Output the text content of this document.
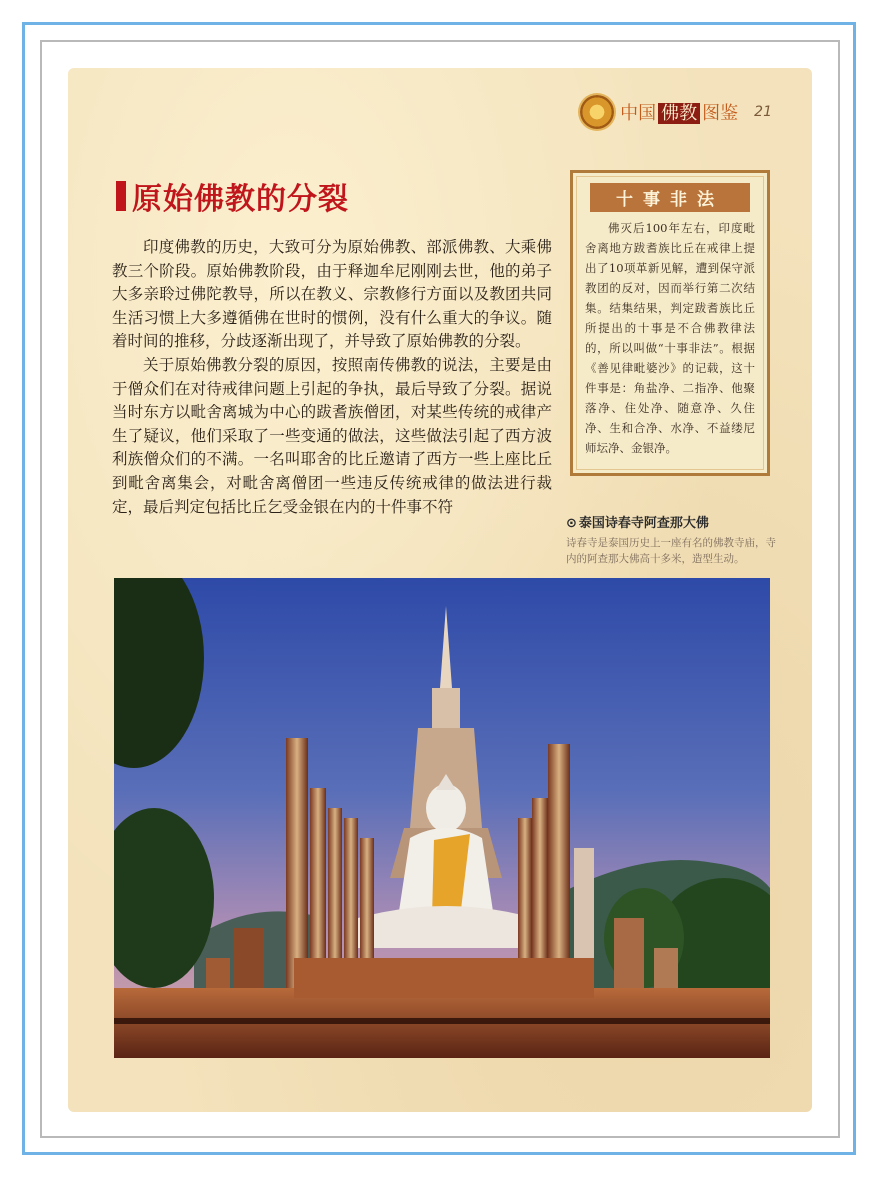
中国 佛教 图鉴 21
原始佛教的分裂

印度佛教的历史，大致可分为原始佛教、部派佛教、大乘佛教三个阶段。原始佛教阶段，由于释迦牟尼刚刚去世，他的弟子大多亲聆过佛陀教导，所以在教义、宗教修行方面以及教团共同生活习惯上大多遵循佛在世时的惯例，没有什么重大的争议。随着时间的推移，分歧逐渐出现了，并导致了原始佛教的分裂。

关于原始佛教分裂的原因，按照南传佛教的说法，主要是由于僧众们在对待戒律问题上引起的争执，最后导致了分裂。据说当时东方以毗舍离城为中心的跋耆族僧团，对某些传统的戒律产生了疑议，他们采取了一些变通的做法，这些做法引起了西方波利族僧众们的不满。一名叫耶舍的比丘邀请了西方一些上座比丘到毗舍离集会，对毗舍离僧团一些违反传统戒律的做法进行裁定，最后判定包括比丘乞受金银在内的十件事不符

十事非法
佛灭后100年左右，印度毗舍离地方跋耆族比丘在戒律上提出了10项革新见解，遭到保守派教团的反对，因而举行第二次结集。结集结果，判定跋耆族比丘所提出的十事是不合佛教律法的，所以叫做“十事非法”。根据《善见律毗婆沙》的记载，这十件事是：角盐净、二指净、他聚落净、住处净、随意净、久住净、生和合净、水净、不益缕尼师坛净、金银净。
⊙ 泰国诗春寺阿查那大佛
诗春寺是泰国历史上一座有名的佛教寺庙，寺内的阿查那大佛高十多米，造型生动。
